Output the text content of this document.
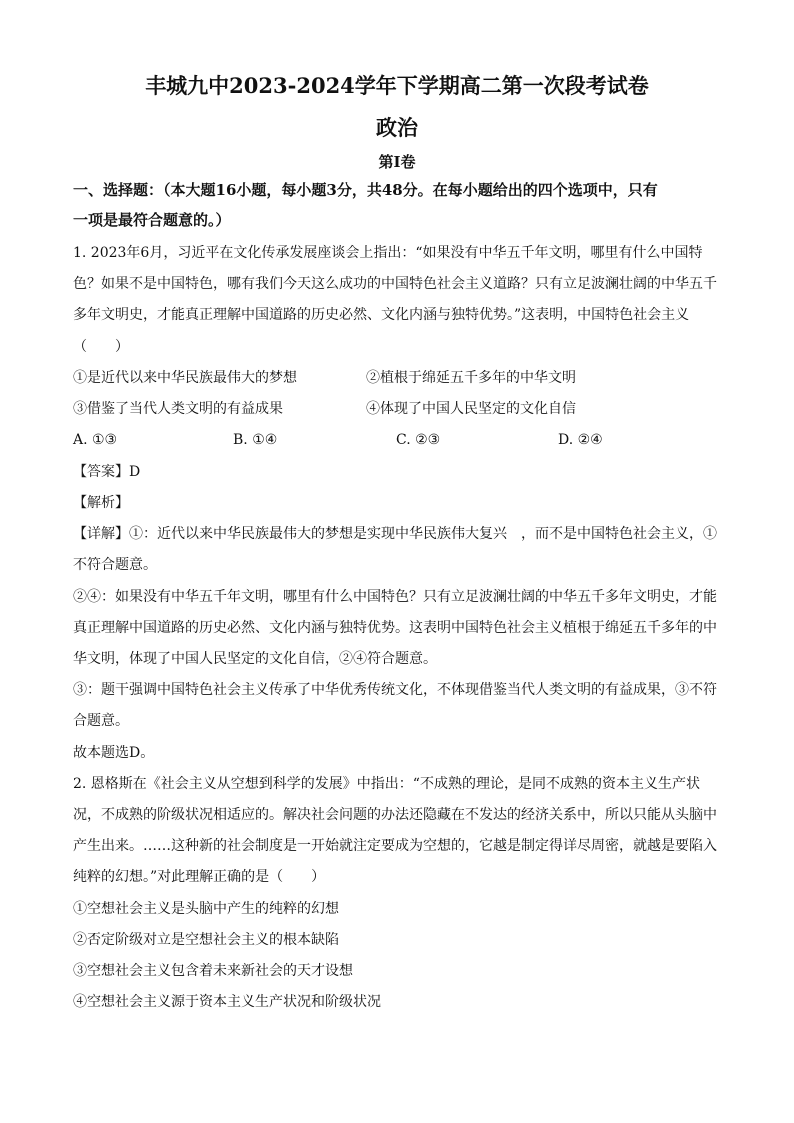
丰城九中2023-2024学年下学期高二第一次段考试卷
政治
第Ⅰ卷
一、选择题：（本大题16小题，每小题3分，共48分。在每小题给出的四个选项中，只有
一项是最符合题意的。）
1. 2023年6月，习近平在文化传承发展座谈会上指出：“如果没有中华五千年文明，哪里有什么中国特
色？如果不是中国特色，哪有我们今天这么成功的中国特色社会主义道路？只有立足波澜壮阔的中华五千
多年文明史，才能真正理解中国道路的历史必然、文化内涵与独特优势。”这表明，中国特色社会主义
（　　）
①是近代以来中华民族最伟大的梦想	②植根于绵延五千多年的中华文明
③借鉴了当代人类文明的有益成果	④体现了中国人民坚定的文化自信
A. ①③	B. ①④	C. ②③	D. ②④
【答案】D
【解析】
【详解】①：近代以来中华民族最伟大的梦想是实现中华民族伟大复兴　，而不是中国特色社会主义，①
不符合题意。
②④：如果没有中华五千年文明，哪里有什么中国特色？只有立足波澜壮阔的中华五千多年文明史，才能
真正理解中国道路的历史必然、文化内涵与独特优势。这表明中国特色社会主义植根于绵延五千多年的中
华文明，体现了中国人民坚定的文化自信，②④符合题意。
③：题干强调中国特色社会主义传承了中华优秀传统文化，不体现借鉴当代人类文明的有益成果，③不符
合题意。
故本题选D。
2. 恩格斯在《社会主义从空想到科学的发展》中指出：“不成熟的理论，是同不成熟的资本主义生产状
况，不成熟的阶级状况相适应的。解决社会问题的办法还隐藏在不发达的经济关系中，所以只能从头脑中
产生出来。……这种新的社会制度是一开始就注定要成为空想的，它越是制定得详尽周密，就越是要陷入
纯粹的幻想。”对此理解正确的是（　　）
①空想社会主义是头脑中产生的纯粹的幻想
②否定阶级对立是空想社会主义的根本缺陷
③空想社会主义包含着未来新社会的天才设想
④空想社会主义源于资本主义生产状况和阶级状况
